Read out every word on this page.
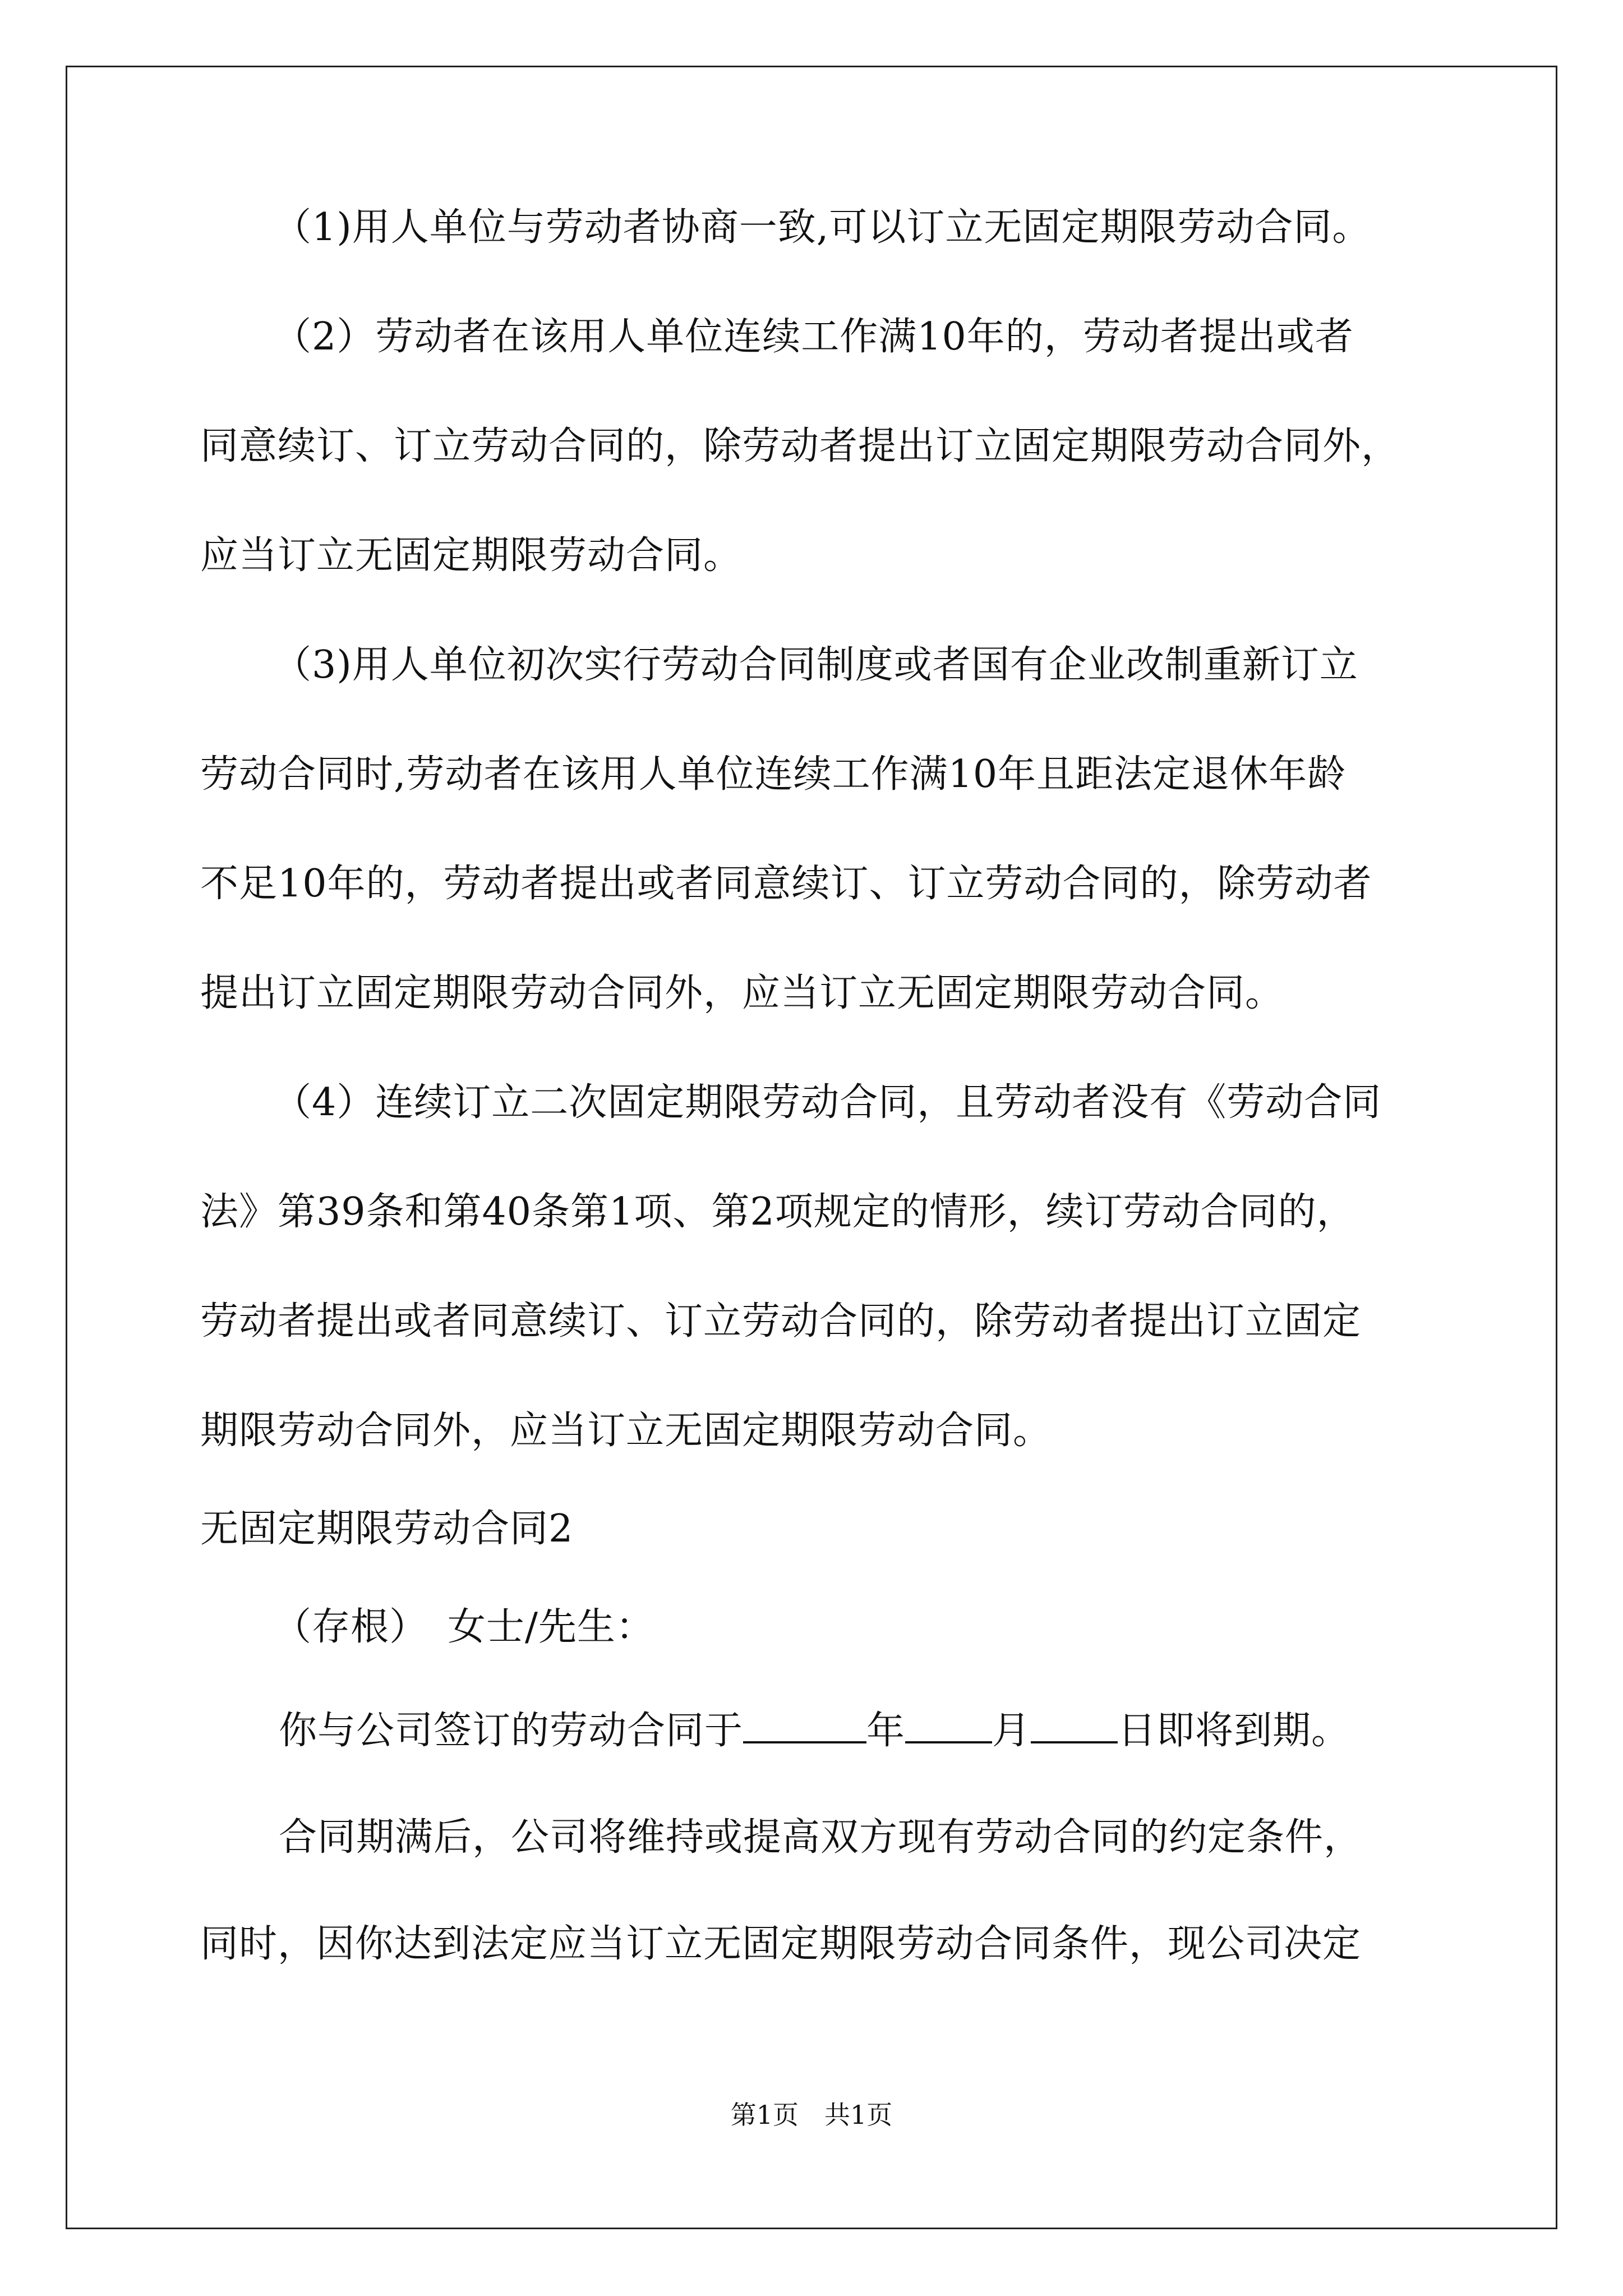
（1)用人单位与劳动者协商一致,可以订立无固定期限劳动合同。
（2）劳动者在该用人单位连续工作满10年的，劳动者提出或者
同意续订、订立劳动合同的，除劳动者提出订立固定期限劳动合同外，
应当订立无固定期限劳动合同。
（3)用人单位初次实行劳动合同制度或者国有企业改制重新订立
劳动合同时,劳动者在该用人单位连续工作满10年且距法定退休年龄
不足10年的，劳动者提出或者同意续订、订立劳动合同的，除劳动者
提出订立固定期限劳动合同外，应当订立无固定期限劳动合同。
（4）连续订立二次固定期限劳动合同，且劳动者没有《劳动合同
法》第39条和第40条第1项、第2项规定的情形，续订劳动合同的，
劳动者提出或者同意续订、订立劳动合同的，除劳动者提出订立固定
期限劳动合同外，应当订立无固定期限劳动合同。
无固定期限劳动合同2
（存根）　女士/先生：
你与公司签订的劳动合同于	年 月 日即将到期。
合同期满后，公司将维持或提高双方现有劳动合同的约定条件，
同时，因你达到法定应当订立无固定期限劳动合同条件，现公司决定
第1页　共1页
